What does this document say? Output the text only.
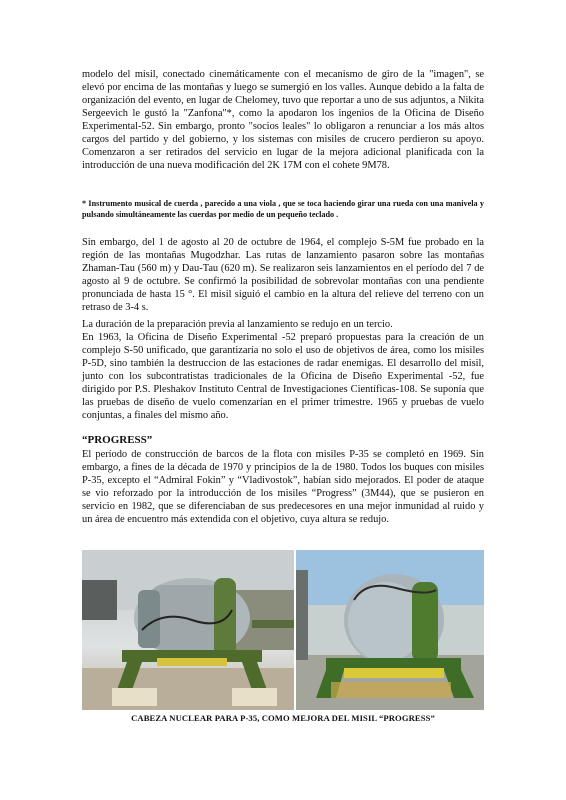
modelo del misil, conectado cinemáticamente con el mecanismo de giro de la "imagen", se elevó por encima de las montañas y luego se sumergió en los valles. Aunque debido a la falta de organización del evento, en lugar de Chelomey, tuvo que reportar a uno de sus adjuntos, a Nikita Sergeevich le gustó la "Zanfona"*, como la apodaron los ingenios de la Oficina de Diseño Experimental-52. Sin embargo, pronto "socios leales" lo obligaron a renunciar a los más altos cargos del partido y del gobierno, y los sistemas con misiles de crucero perdieron su apoyo. Comenzaron a ser retirados del servicio en lugar de la mejora adicional planificada con la introducción de una nueva modificación del 2K 17M con el cohete 9M78.

* Instrumento musical de cuerda , parecido a una viola , que se toca haciendo girar una rueda con una manivela y pulsando simultáneamente las cuerdas por medio de un pequeño teclado .

Sin embargo, del 1 de agosto al 20 de octubre de 1964, el complejo S-5M fue probado en la región de las montañas Mugodzhar. Las rutas de lanzamiento pasaron sobre las montañas Zhaman-Tau (560 m) y Dau-Tau (620 m). Se realizaron seis lanzamientos en el período del 7 de agosto al 9 de octubre. Se confirmó la posibilidad de sobrevolar montañas con una pendiente pronunciada de hasta 15 °. El misil siguió el cambio en la altura del relieve del terreno con un retraso de 3-4 s.

La duración de la preparación previa al lanzamiento se redujo en un tercio.

En 1963, la Oficina de Diseño Experimental -52 preparó propuestas para la creación de un complejo S-50 unificado, que garantizaría no solo el uso de objetivos de área, como los misiles P-5D, sino también la destruccion de las estaciones de radar enemigas. El desarrollo del misil, junto con los subcontratistas tradicionales de la Oficina de Diseño Experimental -52, fue dirigido por P.S. Pleshakov Instituto Central de Investigaciones Científicas-108. Se suponía que las pruebas de diseño de vuelo comenzarían en el primer trimestre. 1965 y pruebas de vuelo conjuntas, a finales del mismo año.

“PROGRESS”

El período de construcción de barcos de la flota con misiles P-35 se completó en 1969. Sin embargo, a fines de la década de 1970 y principios de la de 1980. Todos los buques con misiles P-35, excepto el “Admiral Fokin” y “Vladivostok”, habían sido mejorados. El poder de ataque se vio reforzado por la introducción de los misiles “Progress” (3M44), que se pusieron en servicio en 1982, que se diferenciaban de sus predecesores en una mejor inmunidad al ruido y un área de encuentro más extendida con el objetivo, cuya altura se redujo.

CABEZA NUCLEAR PARA P-35, COMO MEJORA DEL MISIL “PROGRESS”
